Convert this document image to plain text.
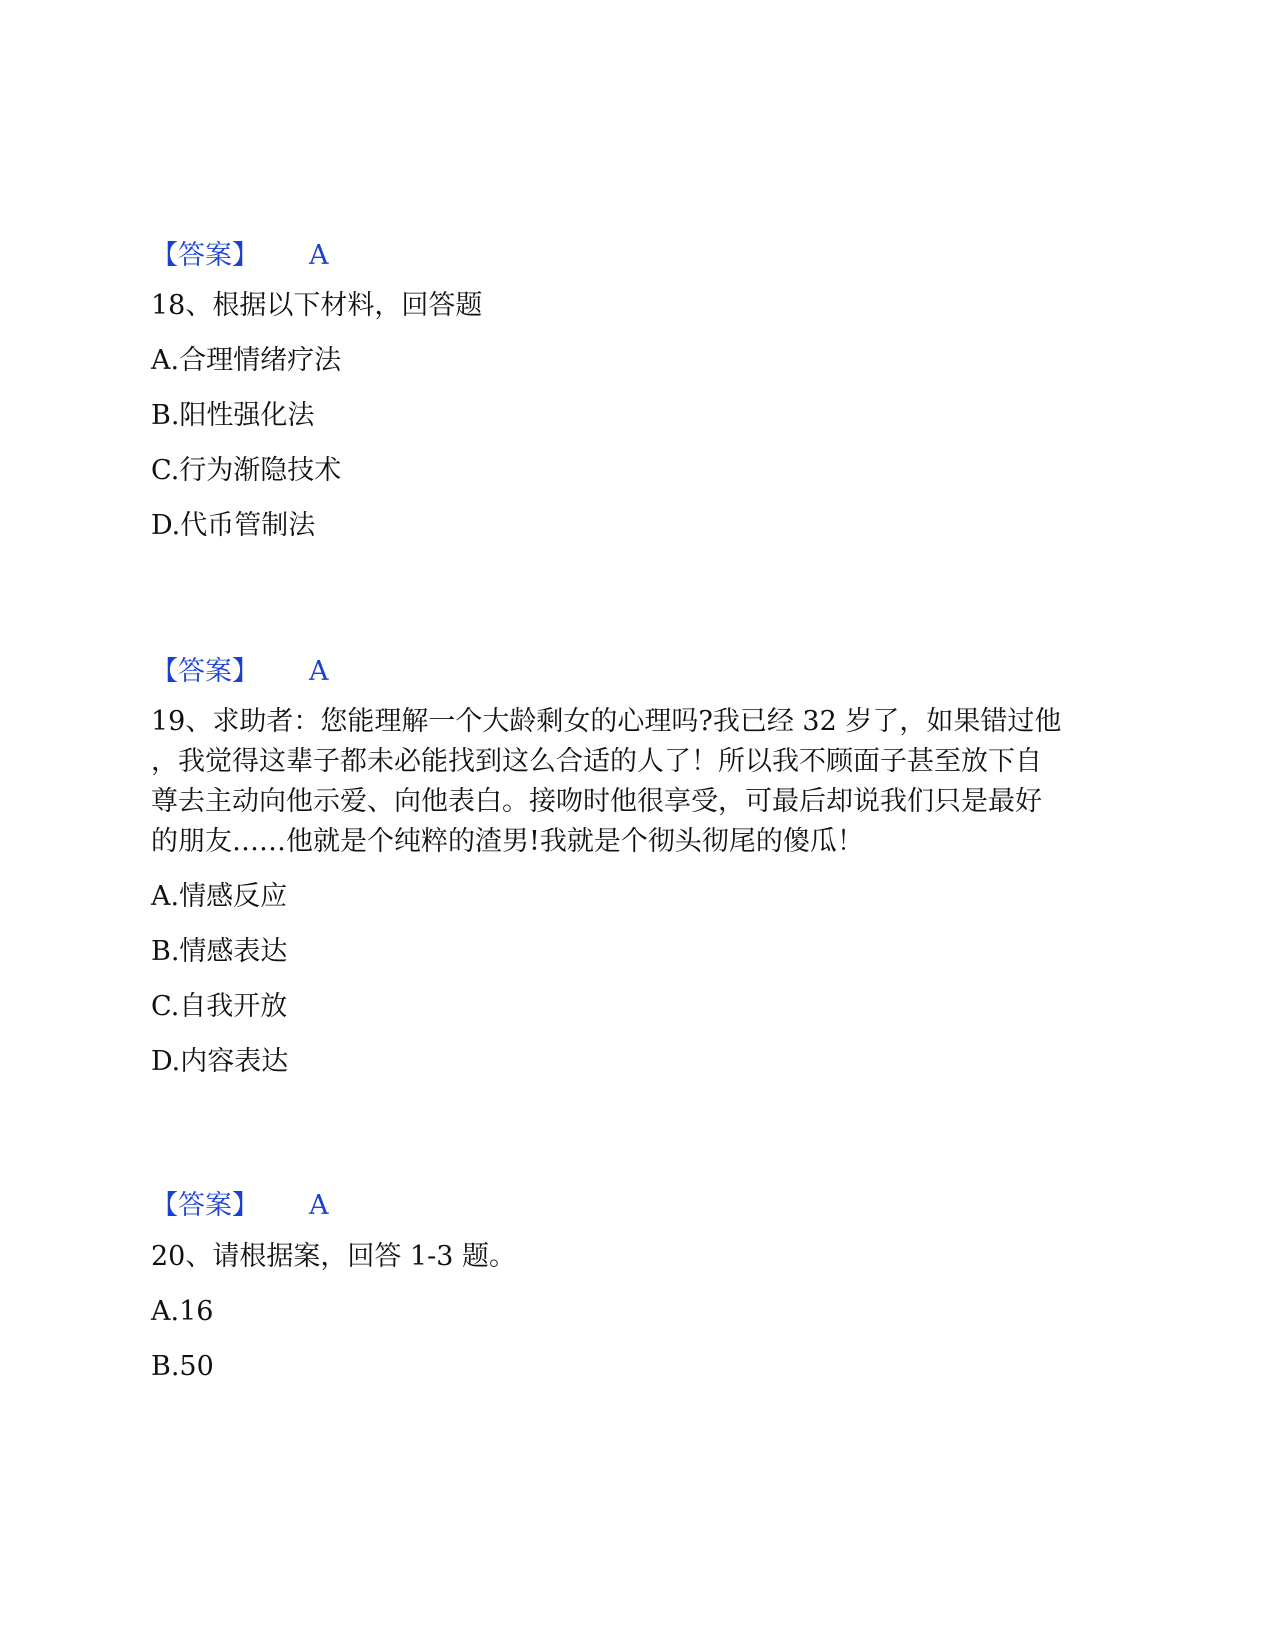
【答案】 A
18、根据以下材料，回答题
A.合理情绪疗法
B.阳性强化法
C.行为渐隐技术
D.代币管制法
【答案】 A
19、求助者：您能理解一个大龄剩女的心理吗?我已经 32 岁了，如果错过他
，我觉得这辈子都未必能找到这么合适的人了！所以我不顾面子甚至放下自
尊去主动向他示爱、向他表白。接吻时他很享受，可最后却说我们只是最好
的朋友……他就是个纯粹的渣男!我就是个彻头彻尾的傻瓜！
A.情感反应
B.情感表达
C.自我开放
D.内容表达
【答案】 A
20、请根据案，回答 1-3 题。
A.16
B.50
